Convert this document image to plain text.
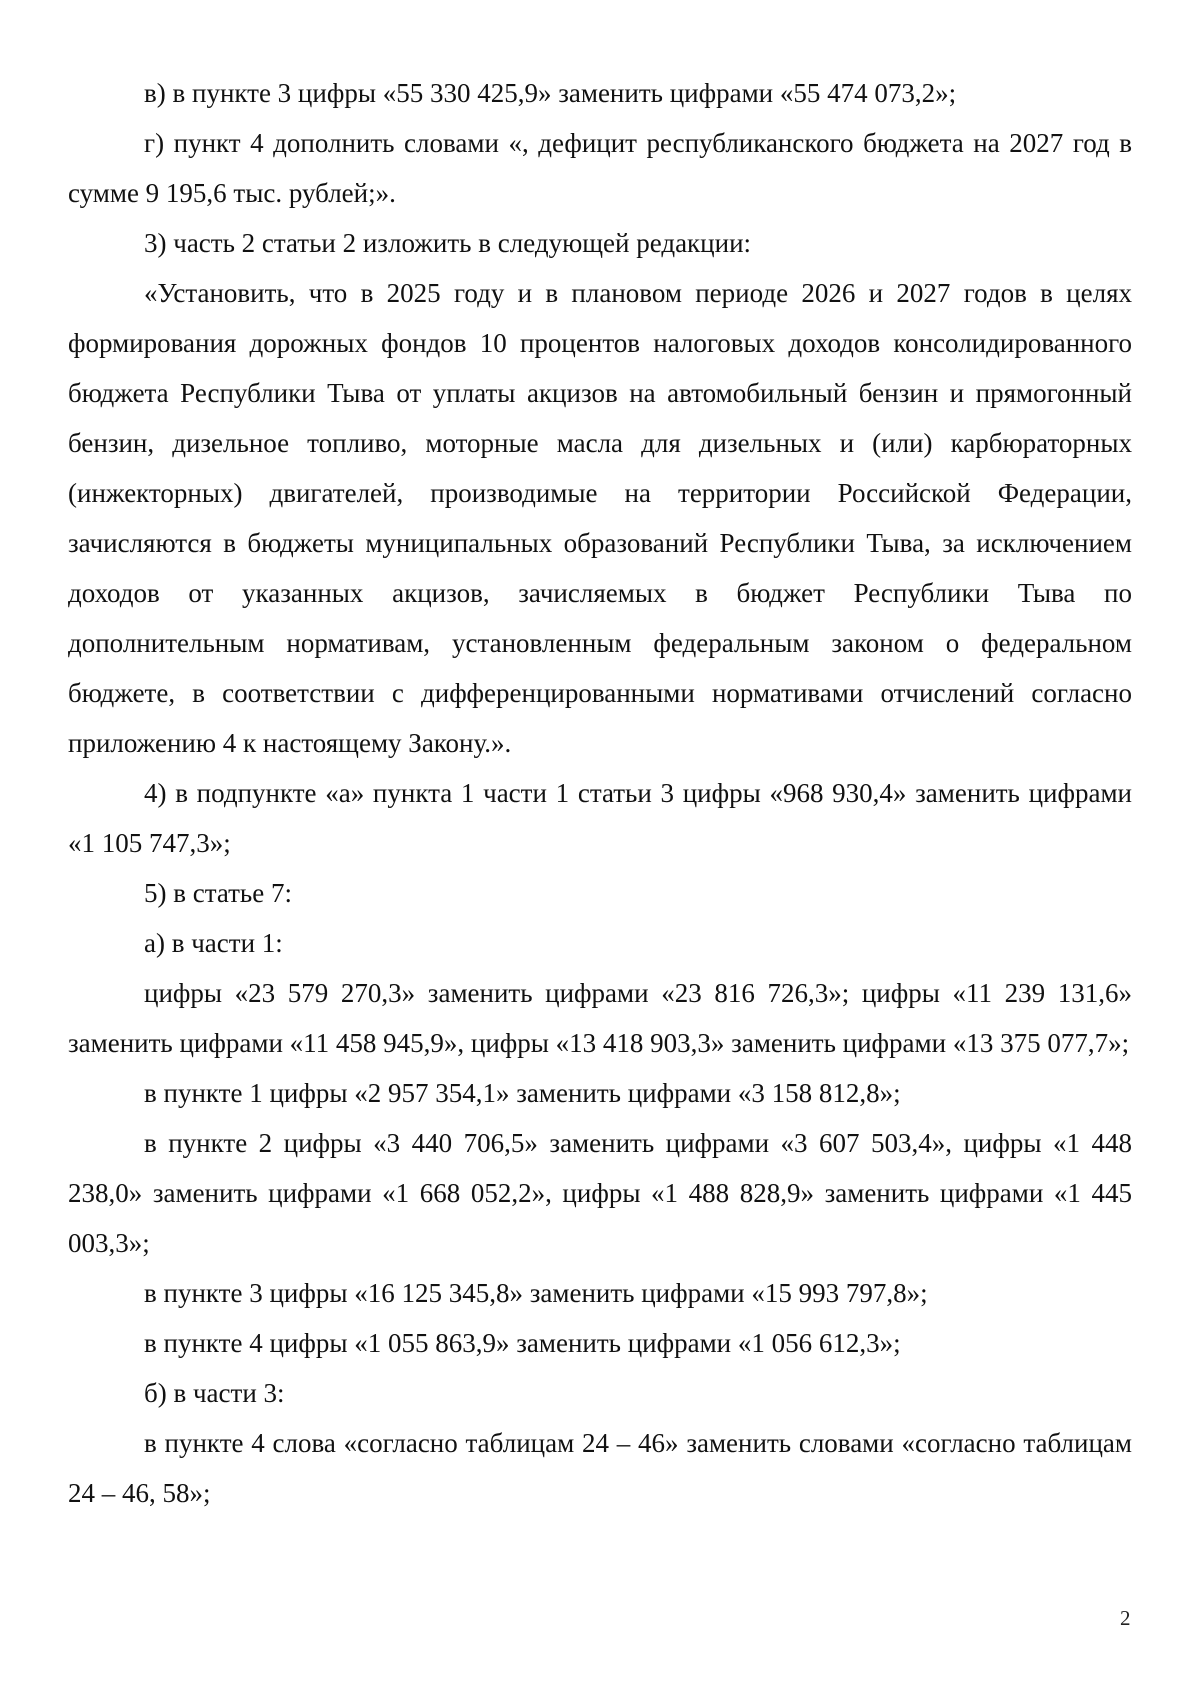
в) в пункте 3 цифры «55 330 425,9» заменить цифрами «55 474 073,2»;

г) пункт 4 дополнить словами «, дефицит республиканского бюджета на 2027 год в сумме 9 195,6 тыс. рублей;».

3) часть 2 статьи 2 изложить в следующей редакции:

«Установить, что в 2025 году и в плановом периоде 2026 и 2027 годов в целях формирования дорожных фондов 10 процентов налоговых доходов консолидированного бюджета Республики Тыва от уплаты акцизов на автомобильный бензин и прямогонный бензин, дизельное топливо, моторные масла для дизельных и (или) карбюраторных (инжекторных) двигателей, производимые на территории Российской Федерации, зачисляются в бюджеты муниципальных образований Республики Тыва, за исключением доходов от указанных акцизов, зачисляемых в бюджет Республики Тыва по дополнительным нормативам, установленным федеральным законом о федеральном бюджете, в соответствии с дифференцированными нормативами отчислений согласно приложению 4 к настоящему Закону.».

4) в подпункте «а» пункта 1 части 1 статьи 3 цифры «968 930,4» заменить цифрами «1 105 747,3»;

5) в статье 7:

а) в части 1:

цифры «23 579 270,3» заменить цифрами «23 816 726,3»; цифры «11 239 131,6» заменить цифрами «11 458 945,9», цифры «13 418 903,3» заменить цифрами «13 375 077,7»;

в пункте 1 цифры «2 957 354,1» заменить цифрами «3 158 812,8»;

в пункте 2 цифры «3 440 706,5» заменить цифрами «3 607 503,4», цифры «1 448 238,0» заменить цифрами «1 668 052,2», цифры «1 488 828,9» заменить цифрами «1 445 003,3»;

в пункте 3 цифры «16 125 345,8» заменить цифрами «15 993 797,8»;

в пункте 4 цифры «1 055 863,9» заменить цифрами «1 056 612,3»;

б) в части 3:

в пункте 4 слова «согласно таблицам 24 – 46» заменить словами «согласно таблицам 24 – 46, 58»;

2
